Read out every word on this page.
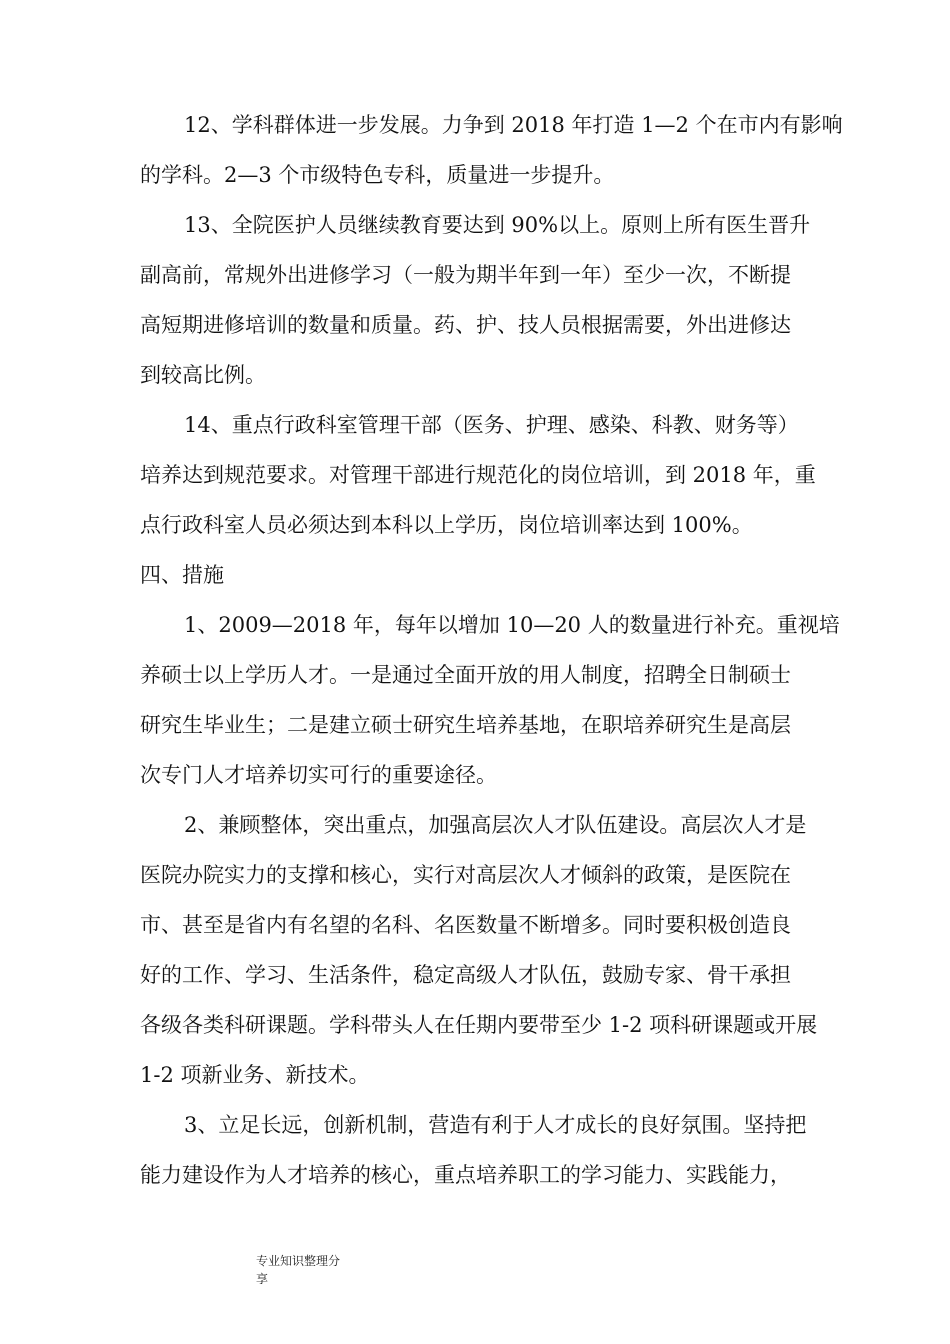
12、学科群体进一步发展。力争到 2018 年打造 1—2 个在市内有影响
的学科。2—3 个市级特色专科，质量进一步提升。

13、全院医护人员继续教育要达到 90%以上。原则上所有医生晋升
副高前，常规外出进修学习（一般为期半年到一年）至少一次，不断提
高短期进修培训的数量和质量。药、护、技人员根据需要，外出进修达
到较高比例。

14、重点行政科室管理干部（医务、护理、感染、科教、财务等）
培养达到规范要求。对管理干部进行规范化的岗位培训，到 2018 年，重
点行政科室人员必须达到本科以上学历，岗位培训率达到 100%。

四、措施

1、2009—2018 年，每年以增加 10—20 人的数量进行补充。重视培
养硕士以上学历人才。一是通过全面开放的用人制度，招聘全日制硕士
研究生毕业生；二是建立硕士研究生培养基地，在职培养研究生是高层
次专门人才培养切实可行的重要途径。

2、兼顾整体，突出重点，加强高层次人才队伍建设。高层次人才是
医院办院实力的支撑和核心，实行对高层次人才倾斜的政策，是医院在
市、甚至是省内有名望的名科、名医数量不断增多。同时要积极创造良
好的工作、学习、生活条件，稳定高级人才队伍，鼓励专家、骨干承担
各级各类科研课题。学科带头人在任期内要带至少 1-2 项科研课题或开展
1-2 项新业务、新技术。

3、立足长远，创新机制，营造有利于人才成长的良好氛围。坚持把
能力建设作为人才培养的核心，重点培养职工的学习能力、实践能力，

专业知识整理分
享
